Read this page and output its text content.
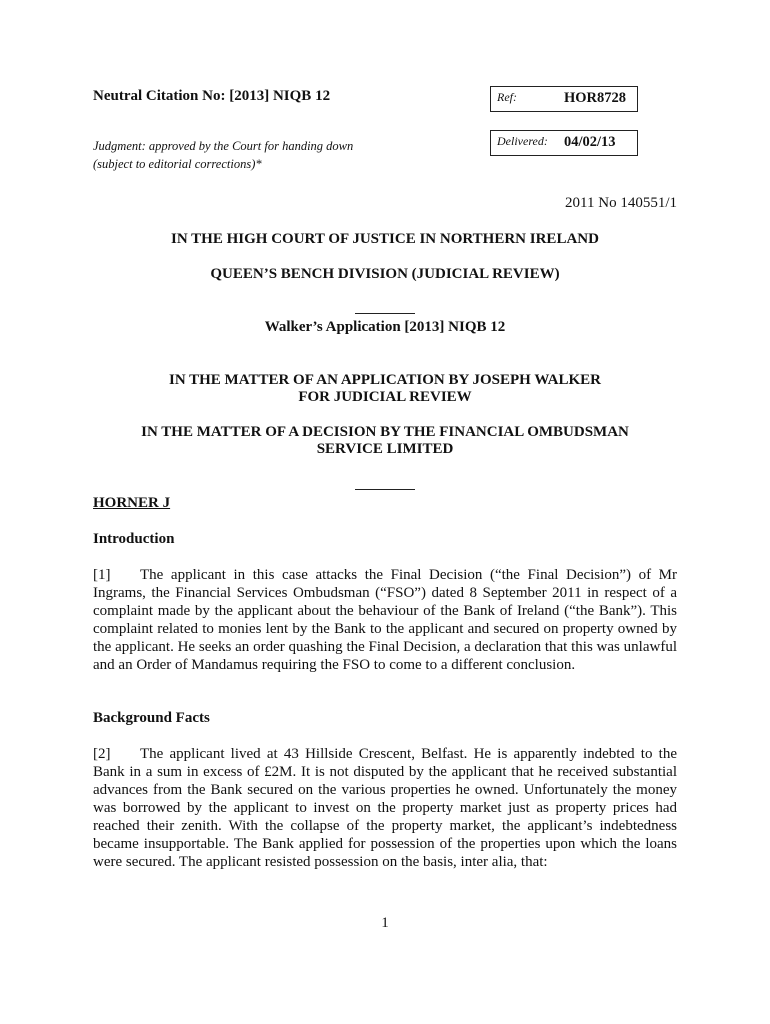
Neutral Citation No: [2013] NIQB 12
Judgment: approved by the Court for handing down
(subject to editorial corrections)*
Ref:	HOR8728
Delivered: 04/02/13
2011 No 140551/1
IN THE HIGH COURT OF JUSTICE IN NORTHERN IRELAND
QUEEN’S BENCH DIVISION (JUDICIAL REVIEW)
Walker’s Application [2013] NIQB 12
IN THE MATTER OF AN APPLICATION BY JOSEPH WALKER
FOR JUDICIAL REVIEW
IN THE MATTER OF A DECISION BY THE FINANCIAL OMBUDSMAN
SERVICE LIMITED
HORNER J
Introduction
[1] The applicant in this case attacks the Final Decision (“the Final Decision”) of Mr Ingrams, the Financial Services Ombudsman (“FSO”) dated 8 September 2011 in respect of a complaint made by the applicant about the behaviour of the Bank of Ireland (“the Bank”). This complaint related to monies lent by the Bank to the applicant and secured on property owned by the applicant. He seeks an order quashing the Final Decision, a declaration that this was unlawful and an Order of Mandamus requiring the FSO to come to a different conclusion.
Background Facts
[2] The applicant lived at 43 Hillside Crescent, Belfast. He is apparently indebted to the Bank in a sum in excess of £2M. It is not disputed by the applicant that he received substantial advances from the Bank secured on the various properties he owned. Unfortunately the money was borrowed by the applicant to invest on the property market just as property prices had reached their zenith. With the collapse of the property market, the applicant’s indebtedness became insupportable. The Bank applied for possession of the properties upon which the loans were secured. The applicant resisted possession on the basis, inter alia, that:
1
